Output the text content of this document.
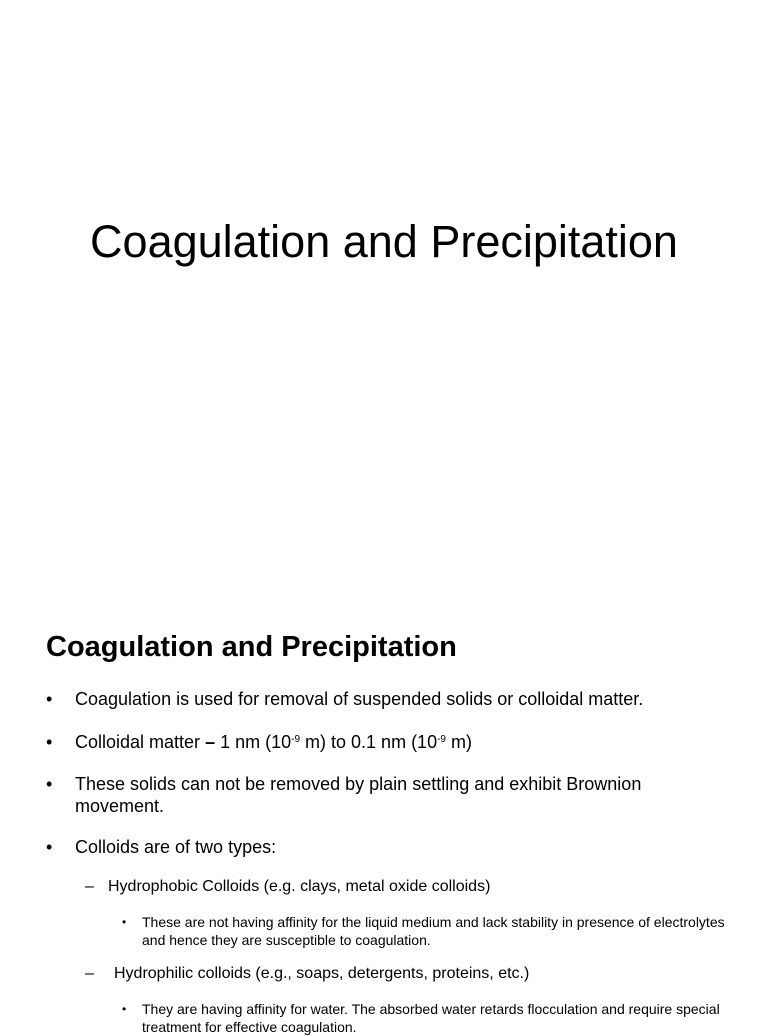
Coagulation and Precipitation
Coagulation and Precipitation
• Coagulation is used for removal of suspended solids or colloidal matter.
• Colloidal matter – 1 nm ($10^{-9}$ m) to 0.1 nm ($10^{-9}$ m)
• These solids can not be removed by plain settling and exhibit Brownion movement.
• Colloids are of two types:
– Hydrophobic Colloids (e.g. clays, metal oxide colloids)
• These are not having affinity for the liquid medium and lack stability in presence of electrolytes and hence they are susceptible to coagulation.
– Hydrophilic colloids (e.g., soaps, detergents, proteins, etc.)
• They are having affinity for water. The absorbed water retards flocculation and require special treatment for effective coagulation.
